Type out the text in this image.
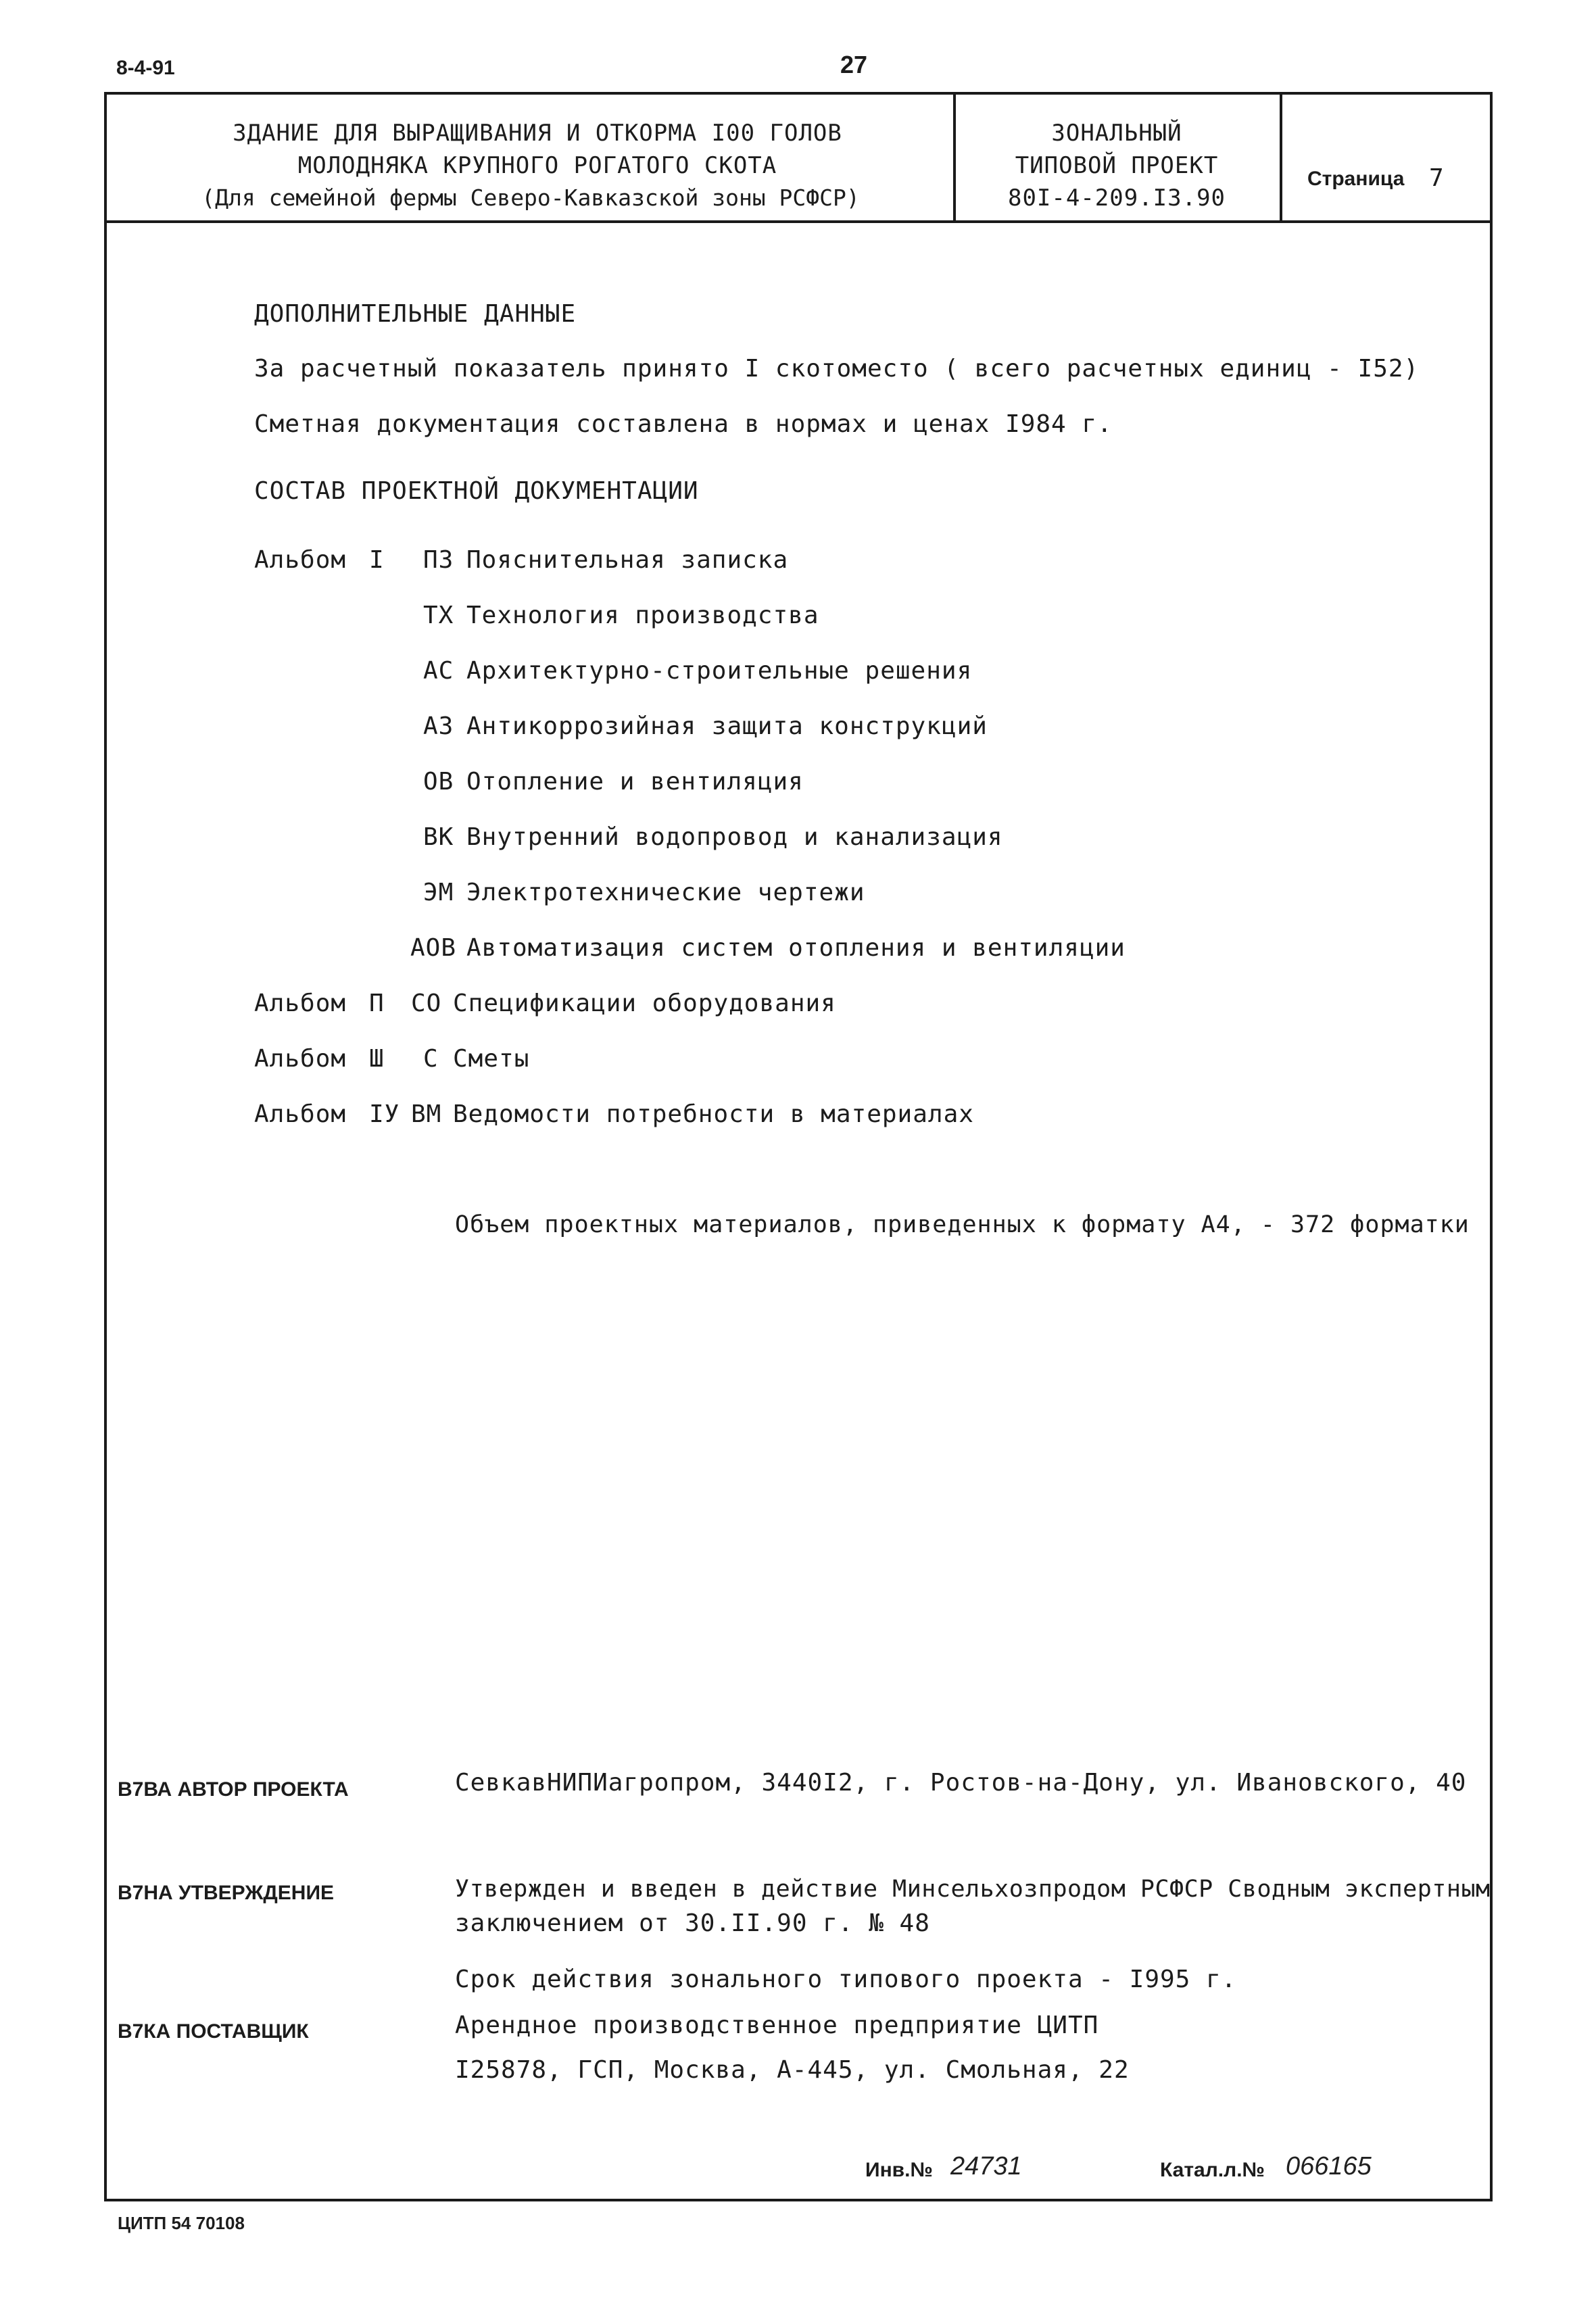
8-4-91	27
ЗДАНИЕ ДЛЯ ВЫРАЩИВАНИЯ И ОТКОРМА I00 ГОЛОВ
МОЛОДНЯКА КРУПНОГО РОГАТОГО СКОТА
(Для семейной фермы Северо-Кавказской зоны РСФСР)
ЗОНАЛЬНЫЙ
ТИПОВОЙ ПРОЕКТ
80I-4-209.I3.90
Страница 7
ДОПОЛНИТЕЛЬНЫЕ ДАННЫЕ
За расчетный показатель принято I скотоместо ( всего расчетных единиц - I52)
Сметная документация составлена в нормах и ценах I984 г.
СОСТАВ ПРОЕКТНОЙ ДОКУМЕНТАЦИИ
Альбом I ПЗ Пояснительная записка
ТХ Технология производства
АС Архитектурно-строительные решения
АЗ Антикоррозийная защита конструкций
ОВ Отопление и вентиляция
ВК Внутренний водопровод и канализация
ЭМ Электротехнические чертежи
АОВ Автоматизация систем отопления и вентиляции
Альбом П СО Спецификации оборудования
Альбом Ш С Сметы
Альбом IУ ВМ Ведомости потребности в материалах
Объем проектных материалов, приведенных к формату А4, - 372 форматки
В7ВА АВТОР ПРОЕКТА	СевкавНИПИагропром, 3440I2, г. Ростов-на-Дону, ул. Ивановского, 40
В7НА УТВЕРЖДЕНИЕ	Утвержден и введен в действие Минсельхозпродом РСФСР Сводным экспертным
заключением от 30.II.90 г. № 48
Срок действия зонального типового проекта - I995 г.
В7КА ПОСТАВЩИК	Арендное производственное предприятие ЦИТП
I25878, ГСП, Москва, А-445, ул. Смольная, 22
Инв.№ 24731	Катал.л.№ 066165
ЦИТП 54 70108
